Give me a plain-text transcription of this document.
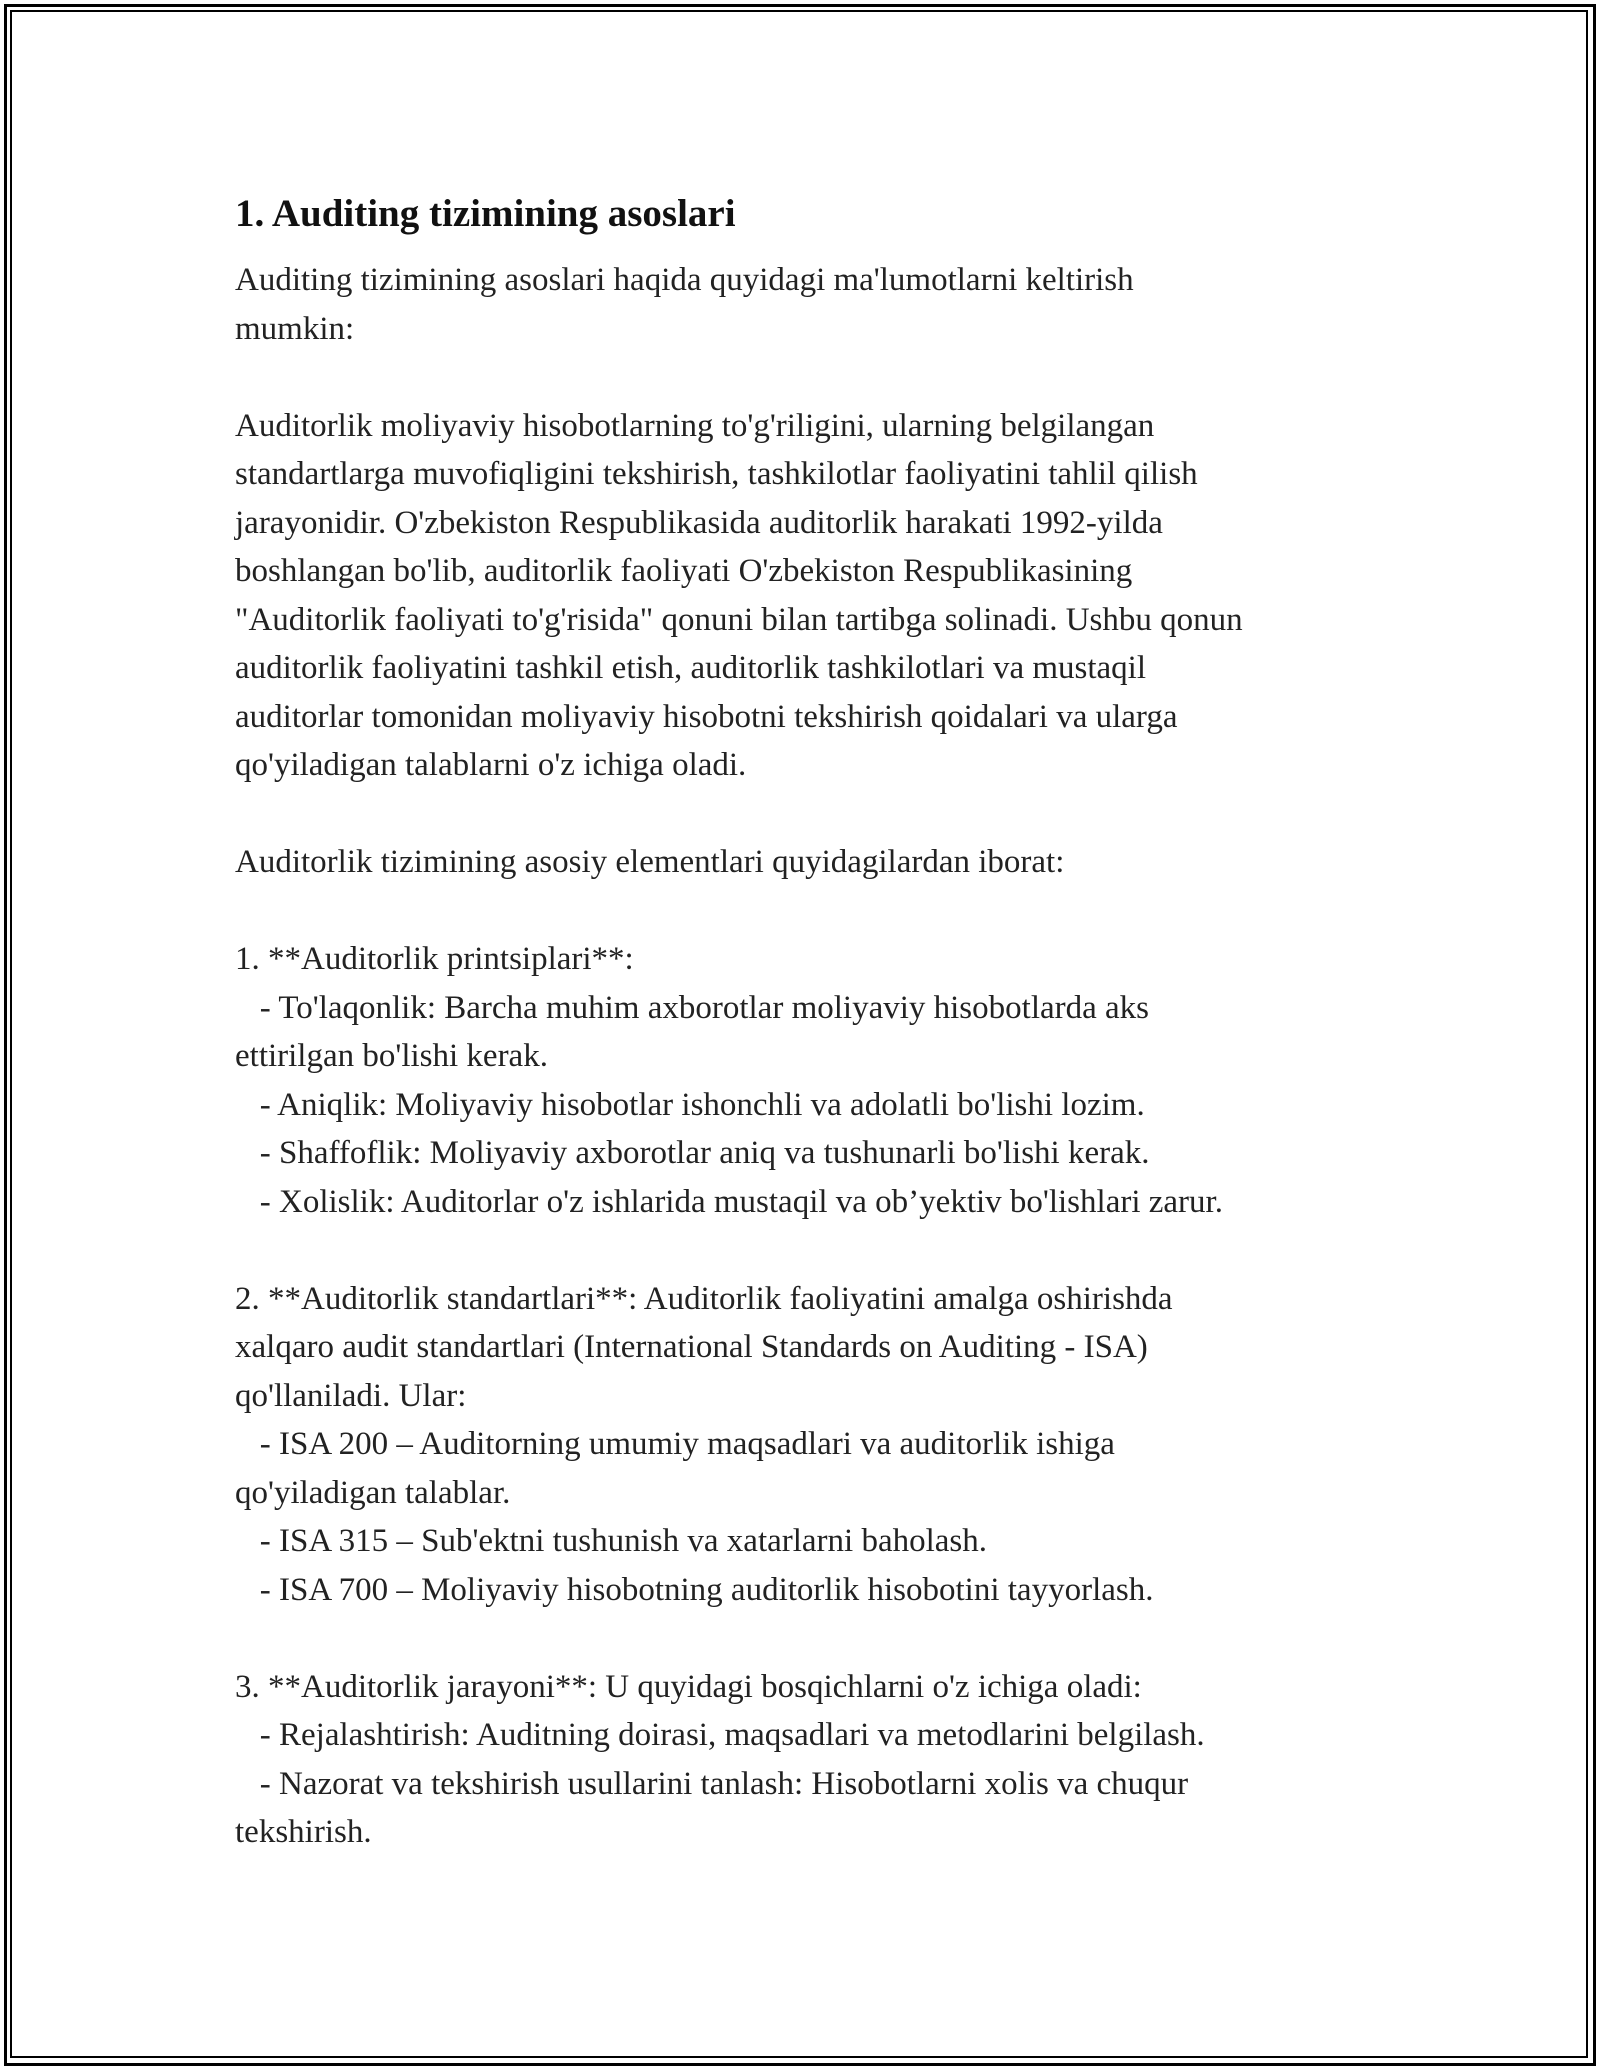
1. Auditing tizimining asoslari

Auditing tizimining asoslari haqida quyidagi ma'lumotlarni keltirish
mumkin:

Auditorlik moliyaviy hisobotlarning to'g'riligini, ularning belgilangan
standartlarga muvofiqligini tekshirish, tashkilotlar faoliyatini tahlil qilish
jarayonidir. O'zbekiston Respublikasida auditorlik harakati 1992-yilda
boshlangan bo'lib, auditorlik faoliyati O'zbekiston Respublikasining
"Auditorlik faoliyati to'g'risida" qonuni bilan tartibga solinadi. Ushbu qonun
auditorlik faoliyatini tashkil etish, auditorlik tashkilotlari va mustaqil
auditorlar tomonidan moliyaviy hisobotni tekshirish qoidalari va ularga
qo'yiladigan talablarni o'z ichiga oladi.

Auditorlik tizimining asosiy elementlari quyidagilardan iborat:

1. **Auditorlik printsiplari**:
- To'laqonlik: Barcha muhim axborotlar moliyaviy hisobotlarda aks
ettirilgan bo'lishi kerak.
- Aniqlik: Moliyaviy hisobotlar ishonchli va adolatli bo'lishi lozim.
- Shaffoflik: Moliyaviy axborotlar aniq va tushunarli bo'lishi kerak.
- Xolislik: Auditorlar o'z ishlarida mustaqil va ob’yektiv bo'lishlari zarur.

2. **Auditorlik standartlari**: Auditorlik faoliyatini amalga oshirishda
xalqaro audit standartlari (International Standards on Auditing - ISA)
qo'llaniladi. Ular:
- ISA 200 – Auditorning umumiy maqsadlari va auditorlik ishiga
qo'yiladigan talablar.
- ISA 315 – Sub'ektni tushunish va xatarlarni baholash.
- ISA 700 – Moliyaviy hisobotning auditorlik hisobotini tayyorlash.

3. **Auditorlik jarayoni**: U quyidagi bosqichlarni o'z ichiga oladi:
- Rejalashtirish: Auditning doirasi, maqsadlari va metodlarini belgilash.
- Nazorat va tekshirish usullarini tanlash: Hisobotlarni xolis va chuqur
tekshirish.
